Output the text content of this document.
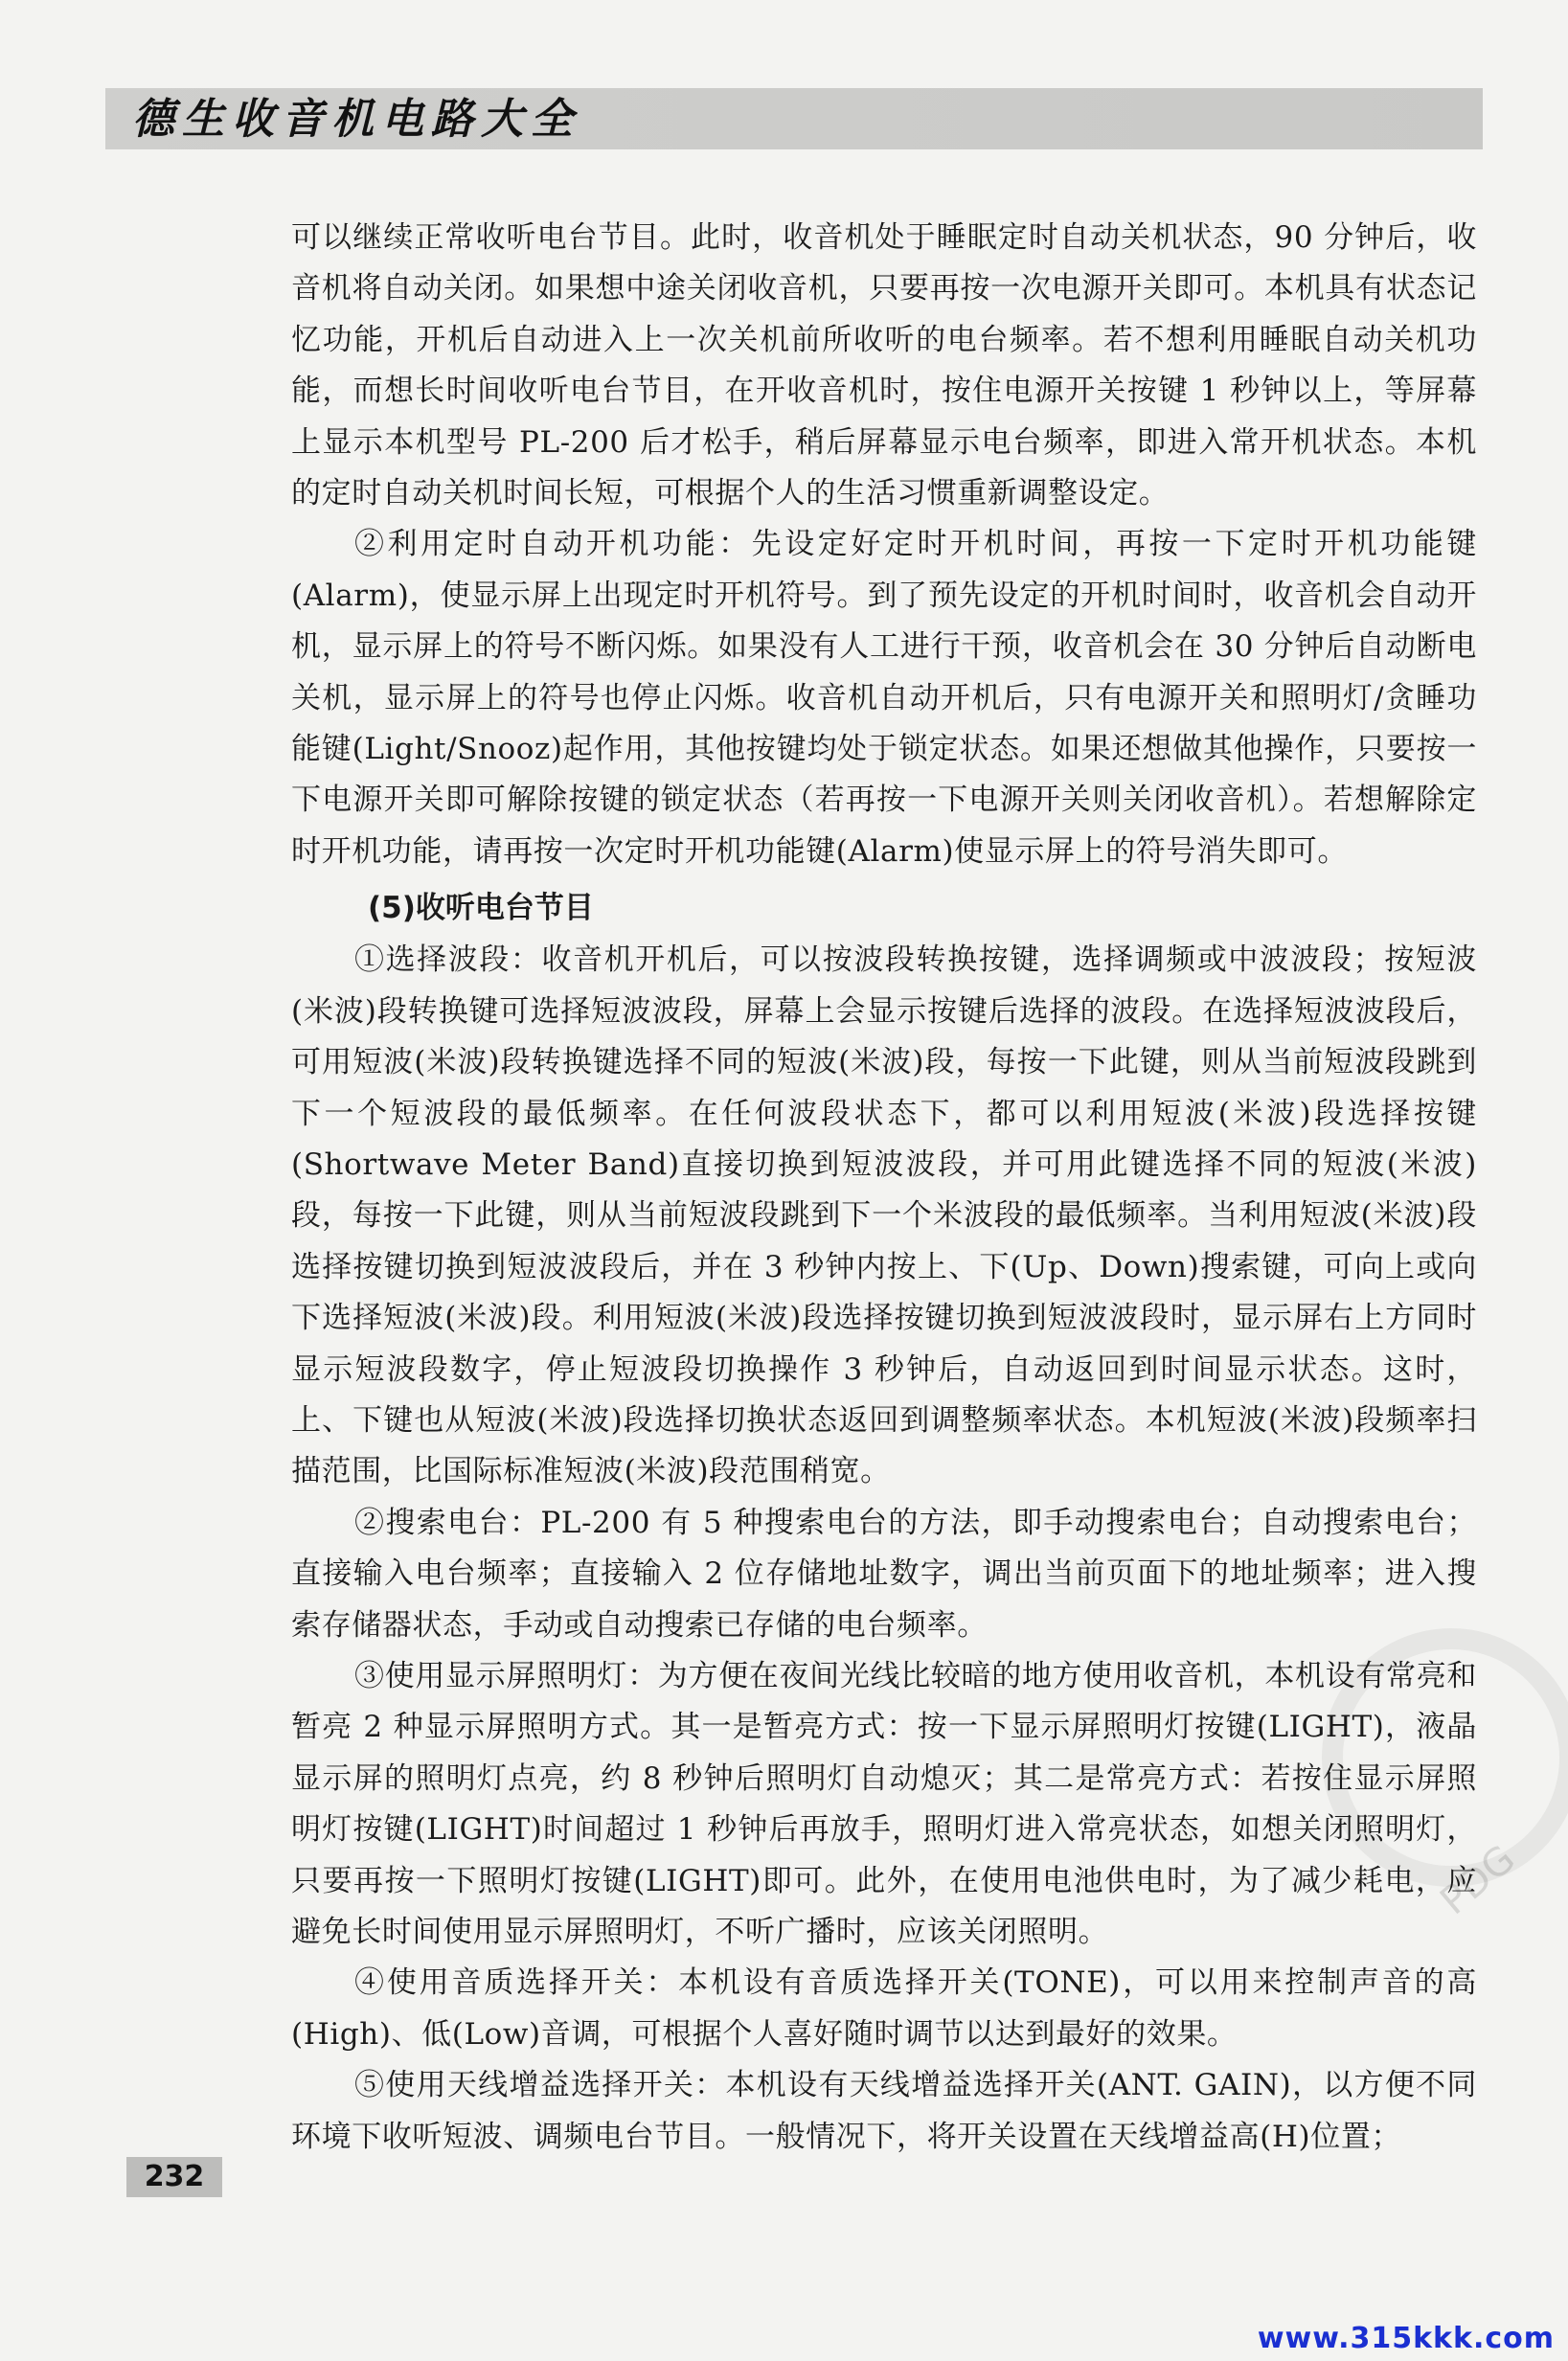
德生收音机电路大全

可以继续正常收听电台节目。此时，收音机处于睡眠定时自动关机状态，90 分钟后，收音机将自动关闭。如果想中途关闭收音机，只要再按一次电源开关即可。本机具有状态记忆功能，开机后自动进入上一次关机前所收听的电台频率。若不想利用睡眠自动关机功能，而想长时间收听电台节目，在开收音机时，按住电源开关按键 1 秒钟以上，等屏幕上显示本机型号 PL-200 后才松手，稍后屏幕显示电台频率，即进入常开机状态。本机的定时自动关机时间长短，可根据个人的生活习惯重新调整设定。

②利用定时自动开机功能：先设定好定时开机时间，再按一下定时开机功能键(Alarm)，使显示屏上出现定时开机符号。到了预先设定的开机时间时，收音机会自动开机，显示屏上的符号不断闪烁。如果没有人工进行干预，收音机会在 30 分钟后自动断电关机，显示屏上的符号也停止闪烁。收音机自动开机后，只有电源开关和照明灯/贪睡功能键(Light/Snooz)起作用，其他按键均处于锁定状态。如果还想做其他操作，只要按一下电源开关即可解除按键的锁定状态（若再按一下电源开关则关闭收音机）。若想解除定时开机功能，请再按一次定时开机功能键(Alarm)使显示屏上的符号消失即可。

(5)收听电台节目

①选择波段：收音机开机后，可以按波段转换按键，选择调频或中波波段；按短波(米波)段转换键可选择短波波段，屏幕上会显示按键后选择的波段。在选择短波波段后，可用短波(米波)段转换键选择不同的短波(米波)段，每按一下此键，则从当前短波段跳到下一个短波段的最低频率。在任何波段状态下，都可以利用短波(米波)段选择按键(Shortwave Meter Band)直接切换到短波波段，并可用此键选择不同的短波(米波)段，每按一下此键，则从当前短波段跳到下一个米波段的最低频率。当利用短波(米波)段选择按键切换到短波波段后，并在 3 秒钟内按上、下(Up、Down)搜索键，可向上或向下选择短波(米波)段。利用短波(米波)段选择按键切换到短波波段时，显示屏右上方同时显示短波段数字，停止短波段切换操作 3 秒钟后，自动返回到时间显示状态。这时，上、下键也从短波(米波)段选择切换状态返回到调整频率状态。本机短波(米波)段频率扫描范围，比国际标准短波(米波)段范围稍宽。

②搜索电台：PL-200 有 5 种搜索电台的方法，即手动搜索电台；自动搜索电台；直接输入电台频率；直接输入 2 位存储地址数字，调出当前页面下的地址频率；进入搜索存储器状态，手动或自动搜索已存储的电台频率。

③使用显示屏照明灯：为方便在夜间光线比较暗的地方使用收音机，本机设有常亮和暂亮 2 种显示屏照明方式。其一是暂亮方式：按一下显示屏照明灯按键(LIGHT)，液晶显示屏的照明灯点亮，约 8 秒钟后照明灯自动熄灭；其二是常亮方式：若按住显示屏照明灯按键(LIGHT)时间超过 1 秒钟后再放手，照明灯进入常亮状态，如想关闭照明灯，只要再按一下照明灯按键(LIGHT)即可。此外，在使用电池供电时，为了减少耗电，应避免长时间使用显示屏照明灯，不听广播时，应该关闭照明。

④使用音质选择开关：本机设有音质选择开关(TONE)，可以用来控制声音的高(High)、低(Low)音调，可根据个人喜好随时调节以达到最好的效果。

⑤使用天线增益选择开关：本机设有天线增益选择开关(ANT. GAIN)，以方便不同环境下收听短波、调频电台节目。一般情况下，将开关设置在天线增益高(H)位置；

PDG
232
www.315kkk.com
